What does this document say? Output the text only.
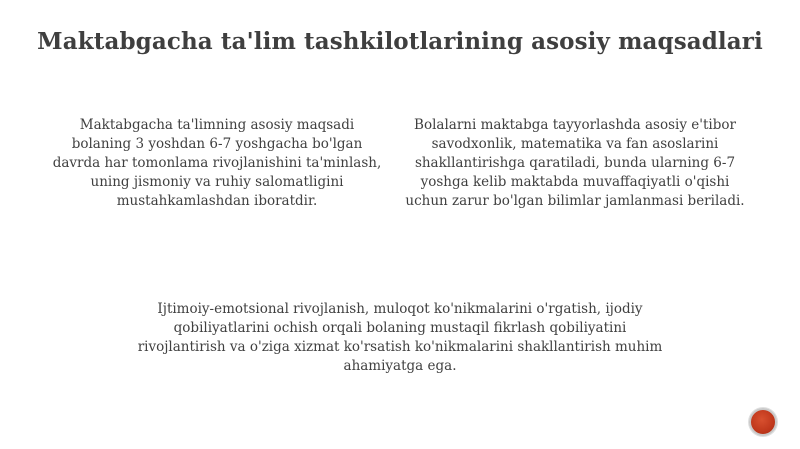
Maktabgacha ta'lim tashkilotlarining asosiy maqsadlari

Maktabgacha ta'limning asosiy maqsadi bolaning 3 yoshdan 6-7 yoshgacha bo'lgan davrda har tomonlama rivojlanishini ta'minlash, uning jismoniy va ruhiy salomatligini mustahkamlashdan iboratdir.

Bolalarni maktabga tayyorlashda asosiy e'tibor savodxonlik, matematika va fan asoslarini shakllantirishga qaratiladi, bunda ularning 6-7 yoshga kelib maktabda muvaffaqiyatli o'qishi uchun zarur bo'lgan bilimlar jamlanmasi beriladi.

Ijtimoiy-emotsional rivojlanish, muloqot ko'nikmalarini o'rgatish, ijodiy qobiliyatlarini ochish orqali bolaning mustaqil fikrlash qobiliyatini rivojlantirish va o'ziga xizmat ko'rsatish ko'nikmalarini shakllantirish muhim ahamiyatga ega.
